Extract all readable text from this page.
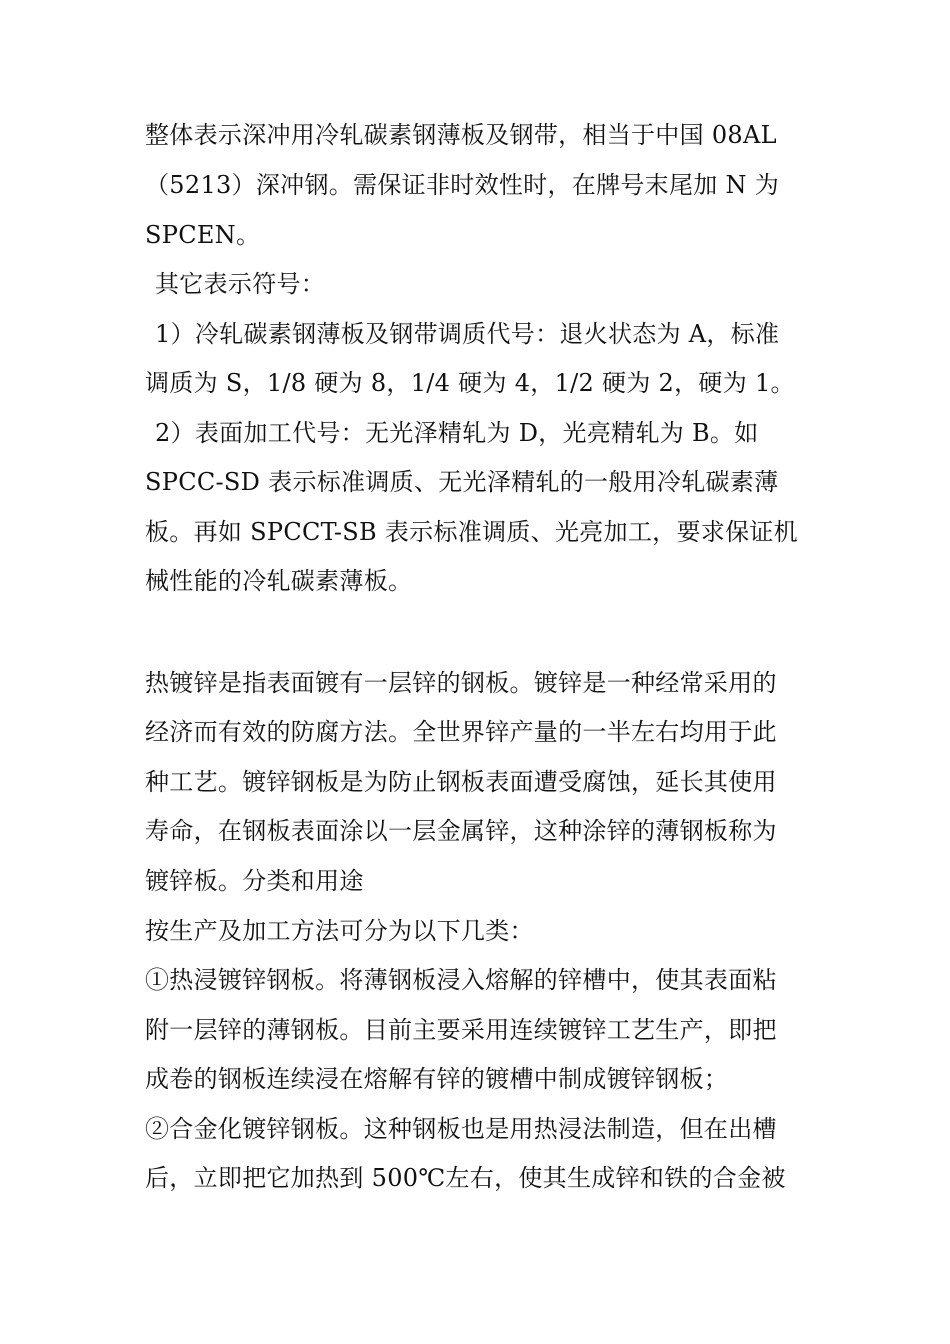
整体表示深冲用冷轧碳素钢薄板及钢带，相当于中国 08AL
（5213）深冲钢。需保证非时效性时，在牌号末尾加 N 为
SPCEN。
其它表示符号：
1）冷轧碳素钢薄板及钢带调质代号：退火状态为 A，标准
调质为 S，1/8 硬为 8，1/4 硬为 4，1/2 硬为 2，硬为 1。
2）表面加工代号：无光泽精轧为 D，光亮精轧为 B。如
SPCC-SD 表示标准调质、无光泽精轧的一般用冷轧碳素薄
板。再如 SPCCT-SB 表示标准调质、光亮加工，要求保证机
械性能的冷轧碳素薄板。
热镀锌是指表面镀有一层锌的钢板。镀锌是一种经常采用的
经济而有效的防腐方法。全世界锌产量的一半左右均用于此
种工艺。镀锌钢板是为防止钢板表面遭受腐蚀，延长其使用
寿命，在钢板表面涂以一层金属锌，这种涂锌的薄钢板称为
镀锌板。分类和用途
按生产及加工方法可分为以下几类：
①热浸镀锌钢板。将薄钢板浸入熔解的锌槽中，使其表面粘
附一层锌的薄钢板。目前主要采用连续镀锌工艺生产，即把
成卷的钢板连续浸在熔解有锌的镀槽中制成镀锌钢板；
②合金化镀锌钢板。这种钢板也是用热浸法制造，但在出槽
后，立即把它加热到 500℃左右，使其生成锌和铁的合金被
